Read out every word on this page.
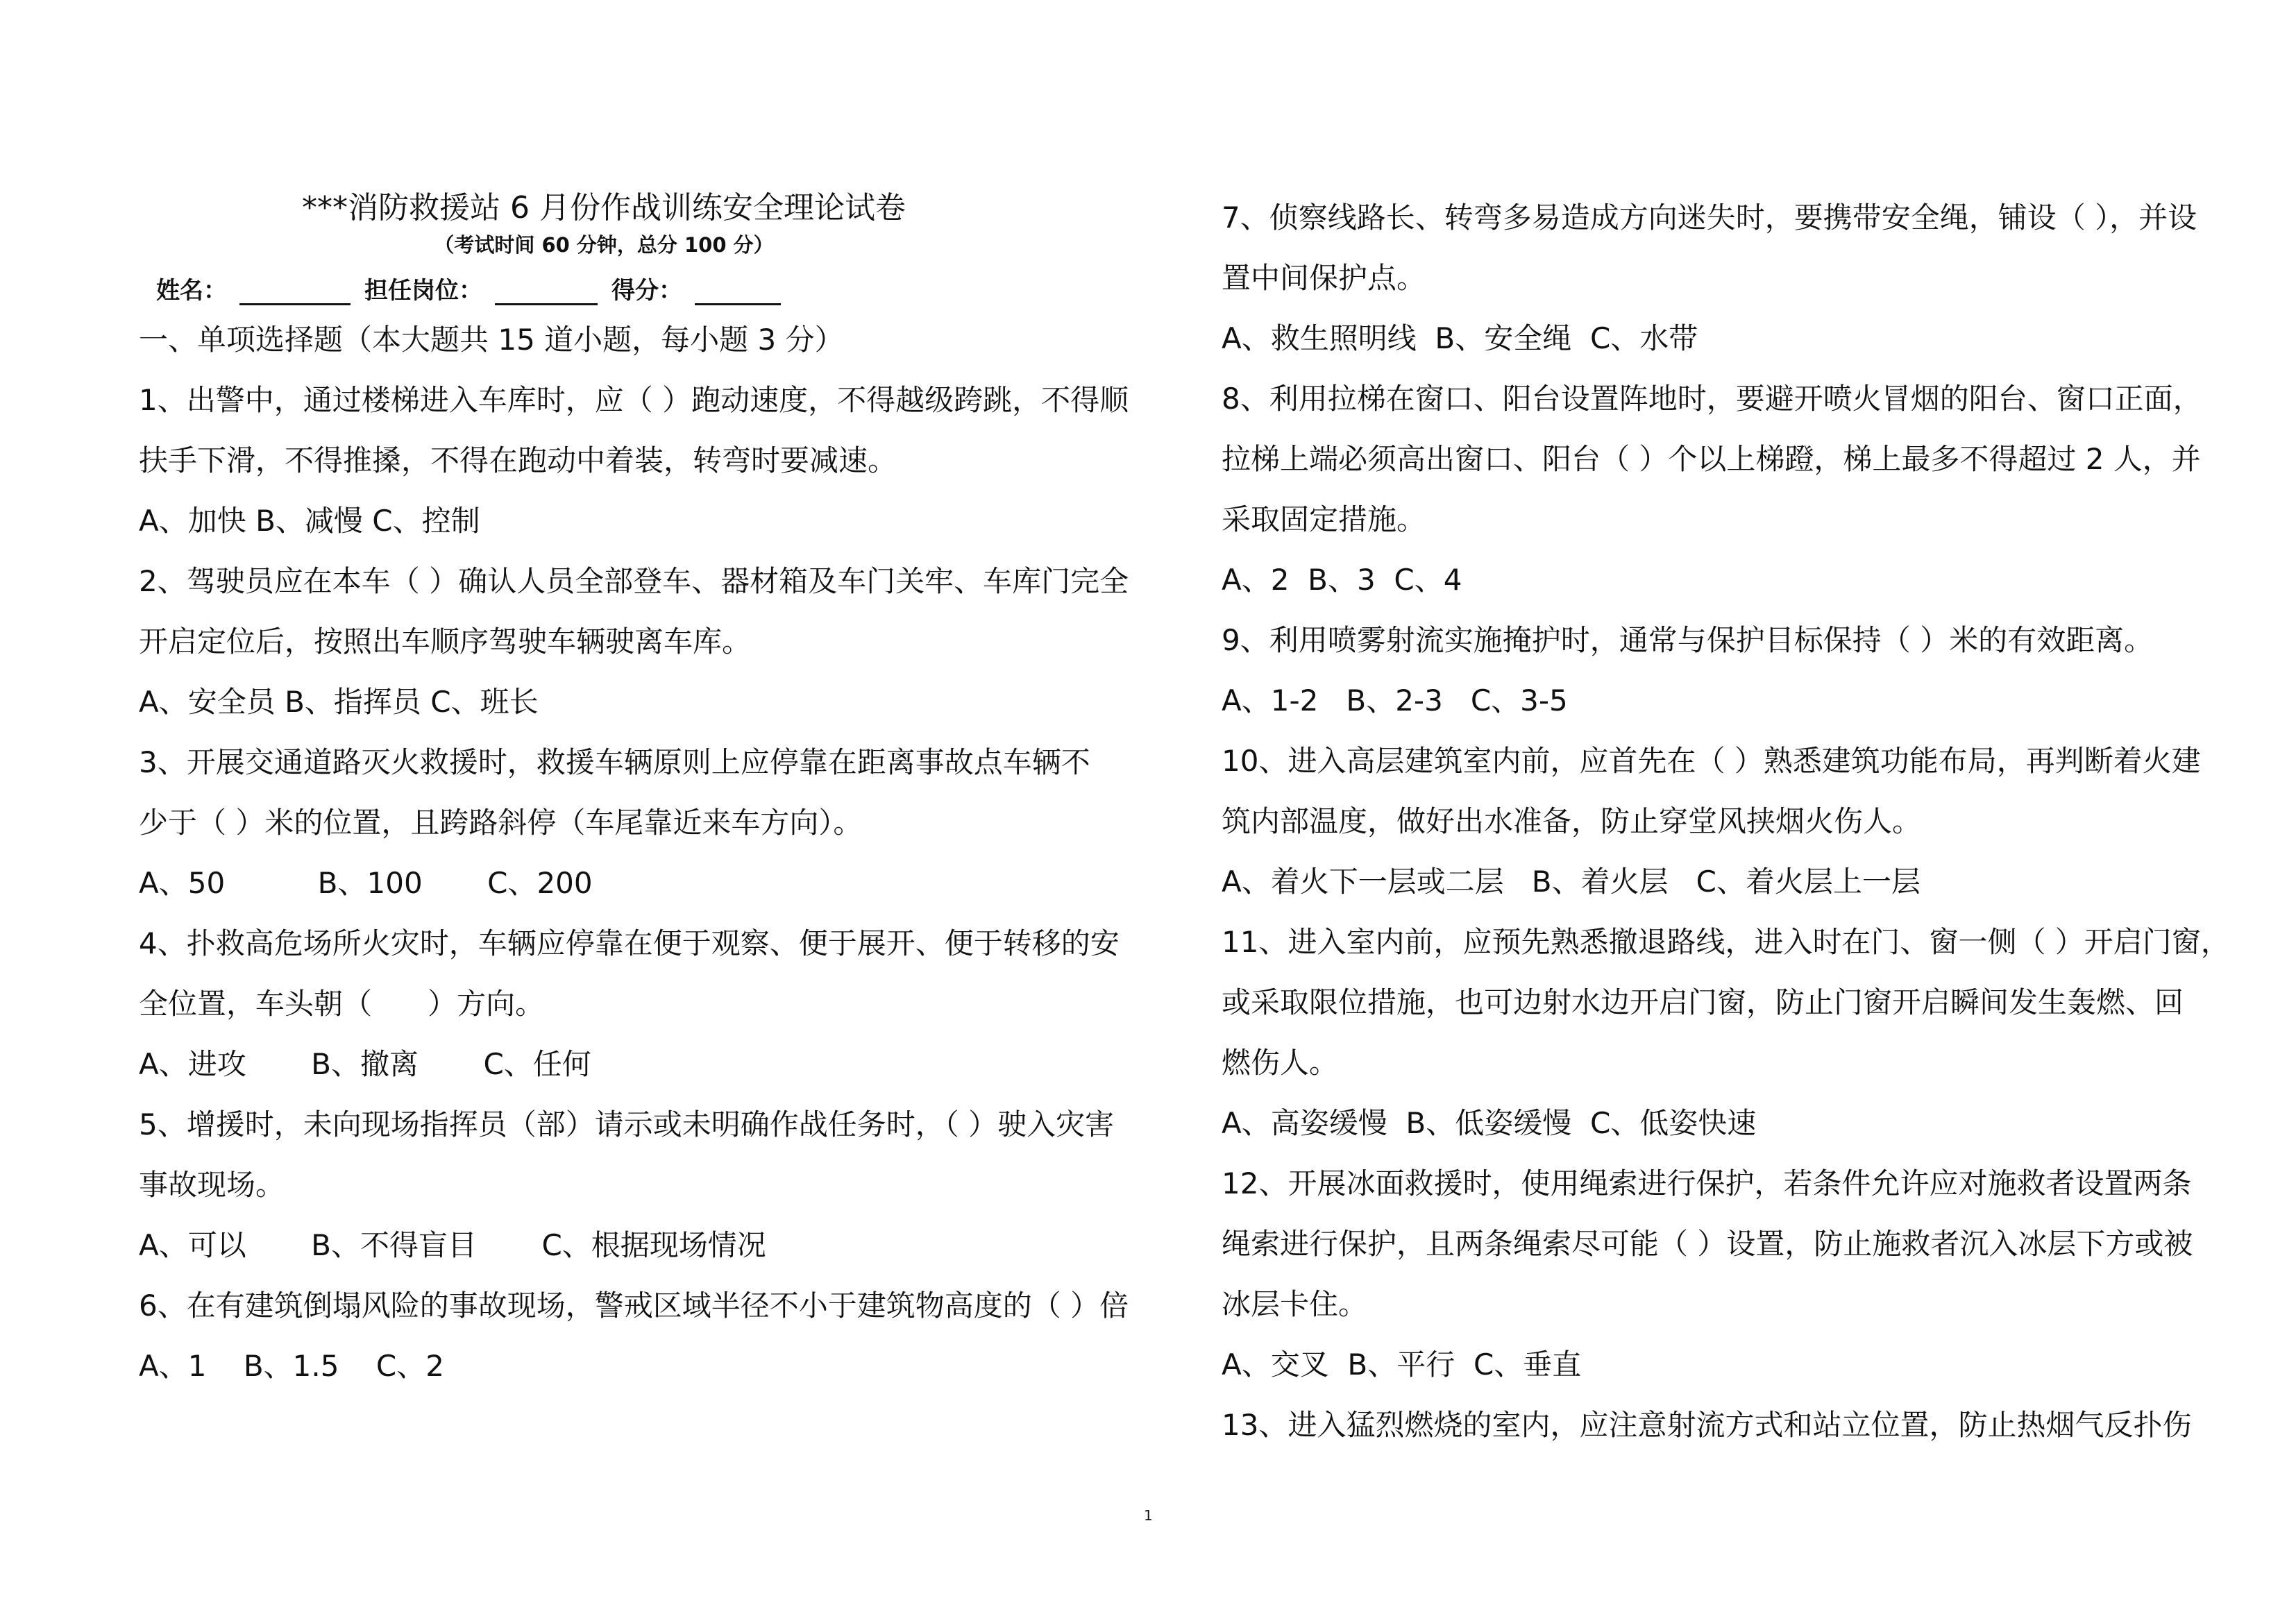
***消防救援站 6 月份作战训练安全理论试卷
（考试时间 60 分钟，总分 100 分）
姓名：	担任岗位：	得分：
一、单项选择题（本大题共 15 道小题，每小题 3 分）
1、出警中，通过楼梯进入车库时，应（ ）跑动速度，不得越级跨跳，不得顺
扶手下滑，不得推搡，不得在跑动中着装，转弯时要减速。
A、加快 B、减慢 C、控制
2、驾驶员应在本车（ ）确认人员全部登车、器材箱及车门关牢、车库门完全
开启定位后，按照出车顺序驾驶车辆驶离车库。
A、安全员 B、指挥员 C、班长
3、开展交通道路灭火救援时，救援车辆原则上应停靠在距离事故点车辆不
少于（ ）米的位置，且跨路斜停（车尾靠近来车方向）。
A、50          B、100       C、200
4、扑救高危场所火灾时，车辆应停靠在便于观察、便于展开、便于转移的安
全位置，车头朝（      ）方向。
A、进攻       B、撤离       C、任何
5、增援时，未向现场指挥员（部）请示或未明确作战任务时，（ ）驶入灾害
事故现场。
A、可以       B、不得盲目       C、根据现场情况
6、在有建筑倒塌风险的事故现场，警戒区域半径不小于建筑物高度的（ ）倍
A、1    B、1.5    C、2
7、侦察线路长、转弯多易造成方向迷失时，要携带安全绳，铺设（ ），并设
置中间保护点。
A、救生照明线  B、安全绳  C、水带
8、利用拉梯在窗口、阳台设置阵地时，要避开喷火冒烟的阳台、窗口正面，
拉梯上端必须高出窗口、阳台（ ）个以上梯蹬，梯上最多不得超过 2 人，并
采取固定措施。
A、2  B、3  C、4
9、利用喷雾射流实施掩护时，通常与保护目标保持（ ）米的有效距离。
A、1-2   B、2-3   C、3-5
10、进入高层建筑室内前，应首先在（ ）熟悉建筑功能布局，再判断着火建
筑内部温度，做好出水准备，防止穿堂风挟烟火伤人。
A、着火下一层或二层   B、着火层   C、着火层上一层
11、进入室内前，应预先熟悉撤退路线，进入时在门、窗一侧（ ）开启门窗，
或采取限位措施，也可边射水边开启门窗，防止门窗开启瞬间发生轰燃、回
燃伤人。
A、高姿缓慢  B、低姿缓慢  C、低姿快速
12、开展冰面救援时，使用绳索进行保护，若条件允许应对施救者设置两条
绳索进行保护，且两条绳索尽可能（ ）设置，防止施救者沉入冰层下方或被
冰层卡住。
A、交叉  B、平行  C、垂直
13、进入猛烈燃烧的室内，应注意射流方式和站立位置，防止热烟气反扑伤
1
